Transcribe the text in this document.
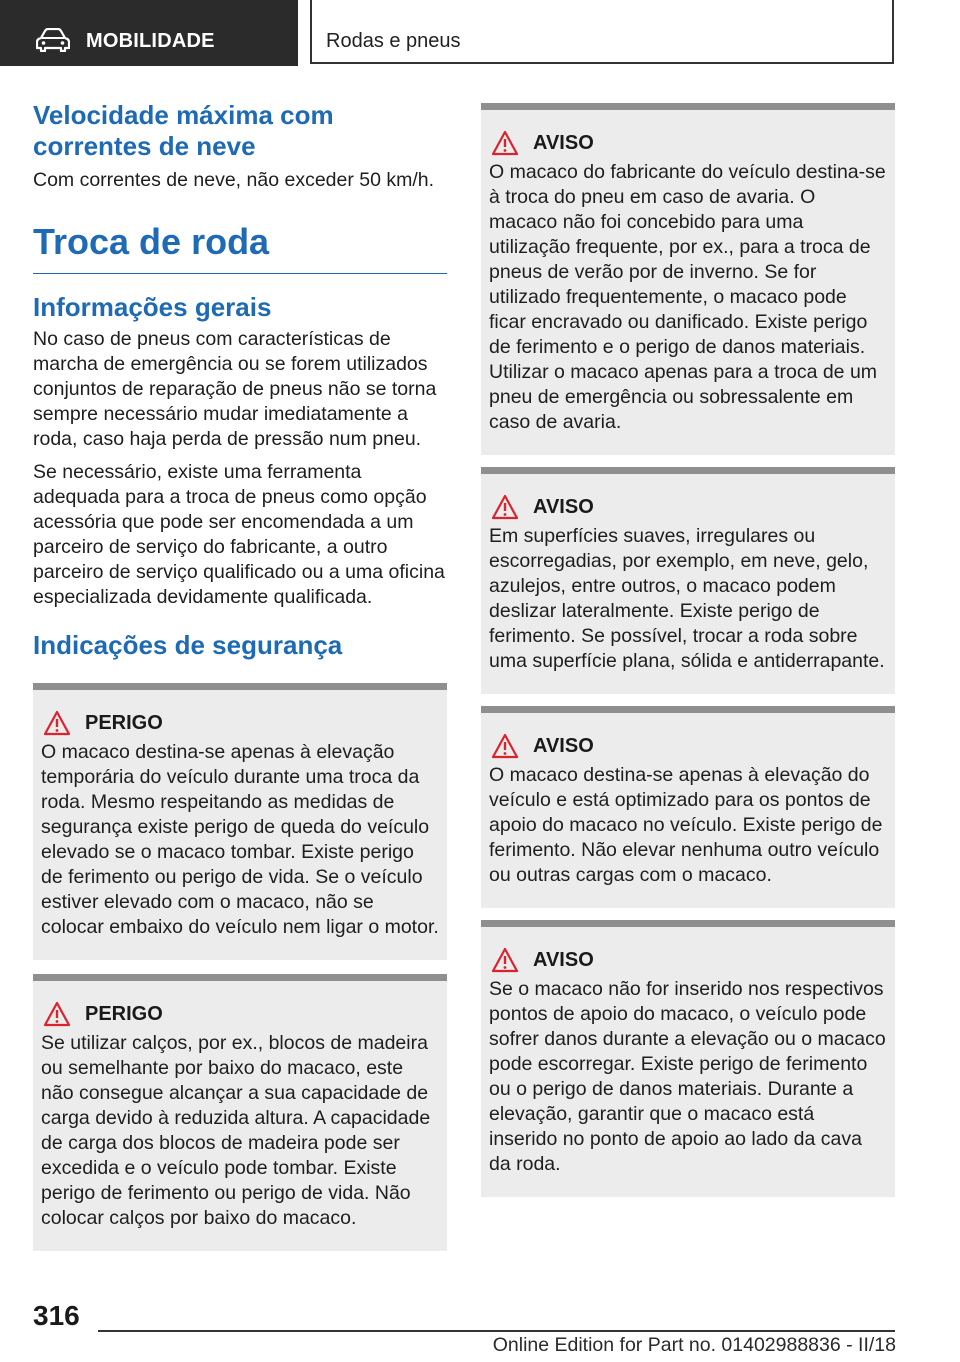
MOBILIDADE	Rodas e pneus
Velocidade máxima com correntes de neve

Com correntes de neve, não exceder 50 km/h.

Troca de roda
Informações gerais

No caso de pneus com características de marcha de emergência ou se forem utilizados conjuntos de reparação de pneus não se torna sempre necessário mudar imediatamente a roda, caso haja perda de pressão num pneu.

Se necessário, existe uma ferramenta adequada para a troca de pneus como opção acessória que pode ser encomendada a um parceiro de serviço do fabricante, a outro parceiro de serviço qualificado ou a uma oficina especializada devidamente qualificada.

Indicações de segurança
PERIGO

O macaco destina-se apenas à elevação temporária do veículo durante uma troca da roda. Mesmo respeitando as medidas de segurança existe perigo de queda do veículo elevado se o macaco tombar. Existe perigo de ferimento ou perigo de vida. Se o veículo estiver elevado com o macaco, não se colocar embaixo do veículo nem ligar o motor.

PERIGO

Se utilizar calços, por ex., blocos de madeira ou semelhante por baixo do macaco, este não consegue alcançar a sua capacidade de carga devido à reduzida altura. A capacidade de carga dos blocos de madeira pode ser excedida e o veículo pode tombar. Existe perigo de ferimento ou perigo de vida. Não colocar calços por baixo do macaco.

AVISO

O macaco do fabricante do veículo destina-se à troca do pneu em caso de avaria. O macaco não foi concebido para uma utilização frequente, por ex., para a troca de pneus de verão por de inverno. Se for utilizado frequentemente, o macaco pode ficar encravado ou danificado. Existe perigo de ferimento e o perigo de danos materiais. Utilizar o macaco apenas para a troca de um pneu de emergência ou sobressalente em caso de avaria.

AVISO

Em superfícies suaves, irregulares ou escorregadias, por exemplo, em neve, gelo, azulejos, entre outros, o macaco podem deslizar lateralmente. Existe perigo de ferimento. Se possível, trocar a roda sobre uma superfície plana, sólida e antiderrapante.

AVISO

O macaco destina-se apenas à elevação do veículo e está optimizado para os pontos de apoio do macaco no veículo. Existe perigo de ferimento. Não elevar nenhuma outro veículo ou outras cargas com o macaco.

AVISO

Se o macaco não for inserido nos respectivos pontos de apoio do macaco, o veículo pode sofrer danos durante a elevação ou o macaco pode escorregar. Existe perigo de ferimento ou o perigo de danos materiais. Durante a elevação, garantir que o macaco está inserido no ponto de apoio ao lado da cava da roda.

316
Online Edition for Part no. 01402988836 - II/18
